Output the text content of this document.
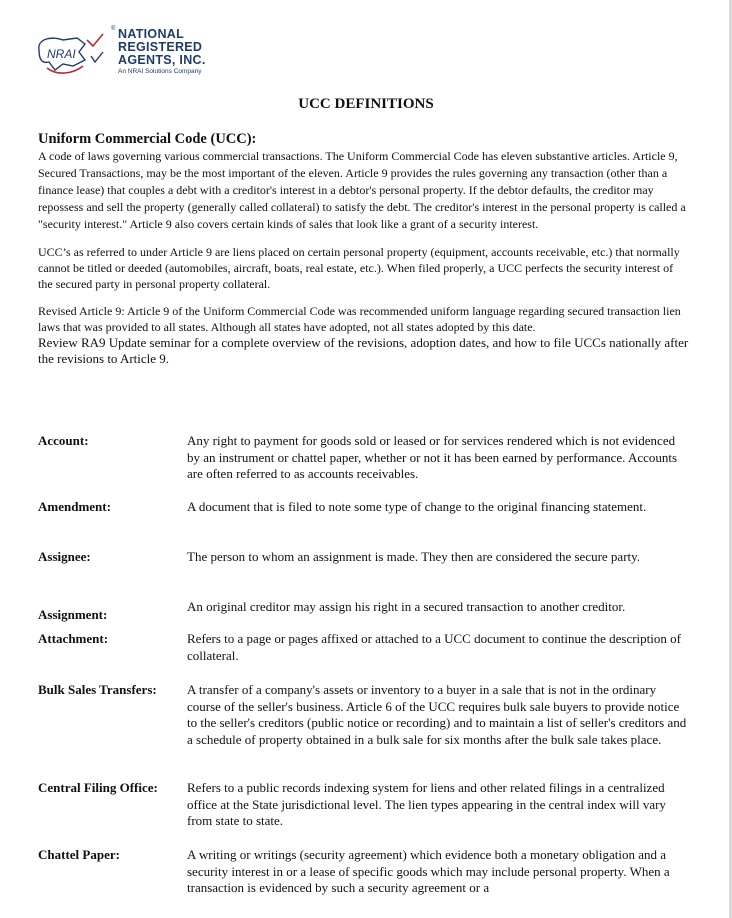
NRAI
® NATIONAL
REGISTERED
AGENTS, INC.
An NRAI Solutions Company
UCC DEFINITIONS
Uniform Commercial Code (UCC):

A code of laws governing various commercial transactions. The Uniform Commercial Code has eleven substantive articles. Article 9, Secured Transactions, may be the most important of the eleven. Article 9 provides the rules governing any transaction (other than a finance lease) that couples a debt with a creditor's interest in a debtor's personal property. If the debtor defaults, the creditor may repossess and sell the property (generally called collateral) to satisfy the debt. The creditor's interest in the personal property is called a "security interest." Article 9 also covers certain kinds of sales that look like a grant of a security interest.

UCC’s as referred to under Article 9 are liens placed on certain personal property (equipment, accounts receivable, etc.) that normally cannot be titled or deeded (automobiles, aircraft, boats, real estate, etc.). When filed properly, a UCC perfects the security interest of the secured party in personal property collateral.

Revised Article 9: Article 9 of the Uniform Commercial Code was recommended uniform language regarding secured transaction lien laws that was provided to all states. Although all states have adopted, not all states adopted by this date.

Review RA9 Update seminar for a complete overview of the revisions, adoption dates, and how to file UCCs nationally after the revisions to Article 9.

Account:	Any right to payment for goods sold or leased or for services rendered which is not evidenced by an instrument or chattel paper, whether or not it has been earned by performance. Accounts are often referred to as accounts receivables.
Amendment:	A document that is filed to note some type of change to the original financing statement.
Assignee:	The person to whom an assignment is made. They then are considered the secure party.
Assignment:
An original creditor may assign his right in a secured transaction to another creditor.
Attachment:	Refers to a page or pages affixed or attached to a UCC document to continue the description of collateral.
Bulk Sales Transfers:	A transfer of a company's assets or inventory to a buyer in a sale that is not in the ordinary course of the seller's business. Article 6 of the UCC requires bulk sale buyers to provide notice to the seller's creditors (public notice or recording) and to maintain a list of seller's creditors and a schedule of property obtained in a bulk sale for six months after the bulk sale takes place.
Central Filing Office:	Refers to a public records indexing system for liens and other related filings in a centralized office at the State jurisdictional level. The lien types appearing in the central index will vary from state to state.
Chattel Paper:	A writing or writings (security agreement) which evidence both a monetary obligation and a security interest in or a lease of specific goods which may include personal property. When a transaction is evidenced by such a security agreement or a
